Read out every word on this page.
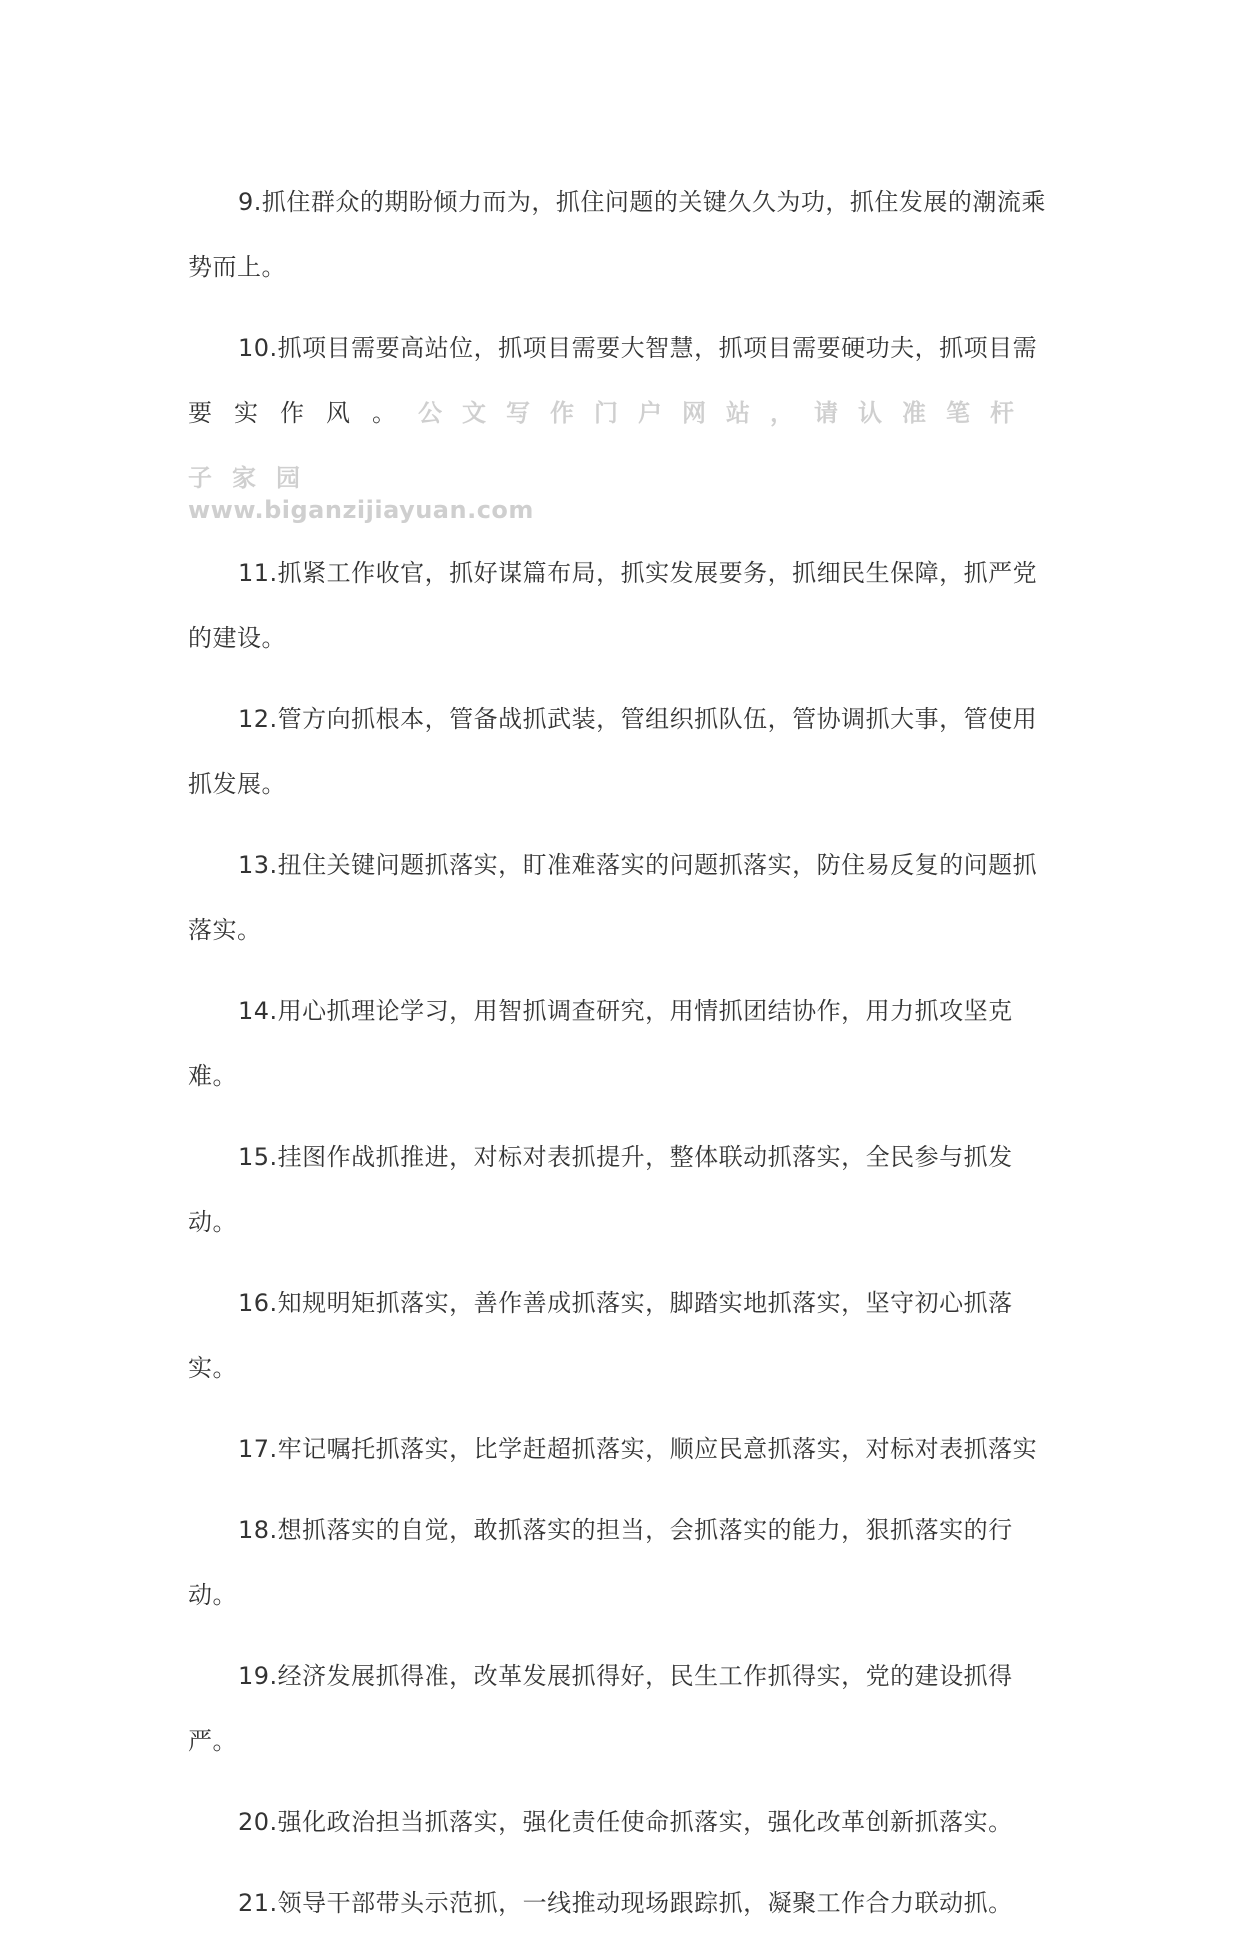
9.抓住群众的期盼倾力而为，抓住问题的关键久久为功，抓住发展的潮流乘势而上。

10.抓项目需要高站位，抓项目需要大智慧，抓项目需要硬功夫，抓项目需要实作风。公文写作门户网站，请认准笔杆子家园
www.biganzijiayuan.com

11.抓紧工作收官，抓好谋篇布局，抓实发展要务，抓细民生保障，抓严党的建设。

12.管方向抓根本，管备战抓武装，管组织抓队伍，管协调抓大事，管使用抓发展。

13.扭住关键问题抓落实，盯准难落实的问题抓落实，防住易反复的问题抓落实。

14.用心抓理论学习，用智抓调查研究，用情抓团结协作，用力抓攻坚克难。

15.挂图作战抓推进，对标对表抓提升，整体联动抓落实，全民参与抓发动。

16.知规明矩抓落实，善作善成抓落实，脚踏实地抓落实，坚守初心抓落实。

17.牢记嘱托抓落实，比学赶超抓落实，顺应民意抓落实，对标对表抓落实

18.想抓落实的自觉，敢抓落实的担当，会抓落实的能力，狠抓落实的行动。

19.经济发展抓得准，改革发展抓得好，民生工作抓得实，党的建设抓得严。

20.强化政治担当抓落实，强化责任使命抓落实，强化改革创新抓落实。

21.领导干部带头示范抓，一线推动现场跟踪抓，凝聚工作合力联动抓。
